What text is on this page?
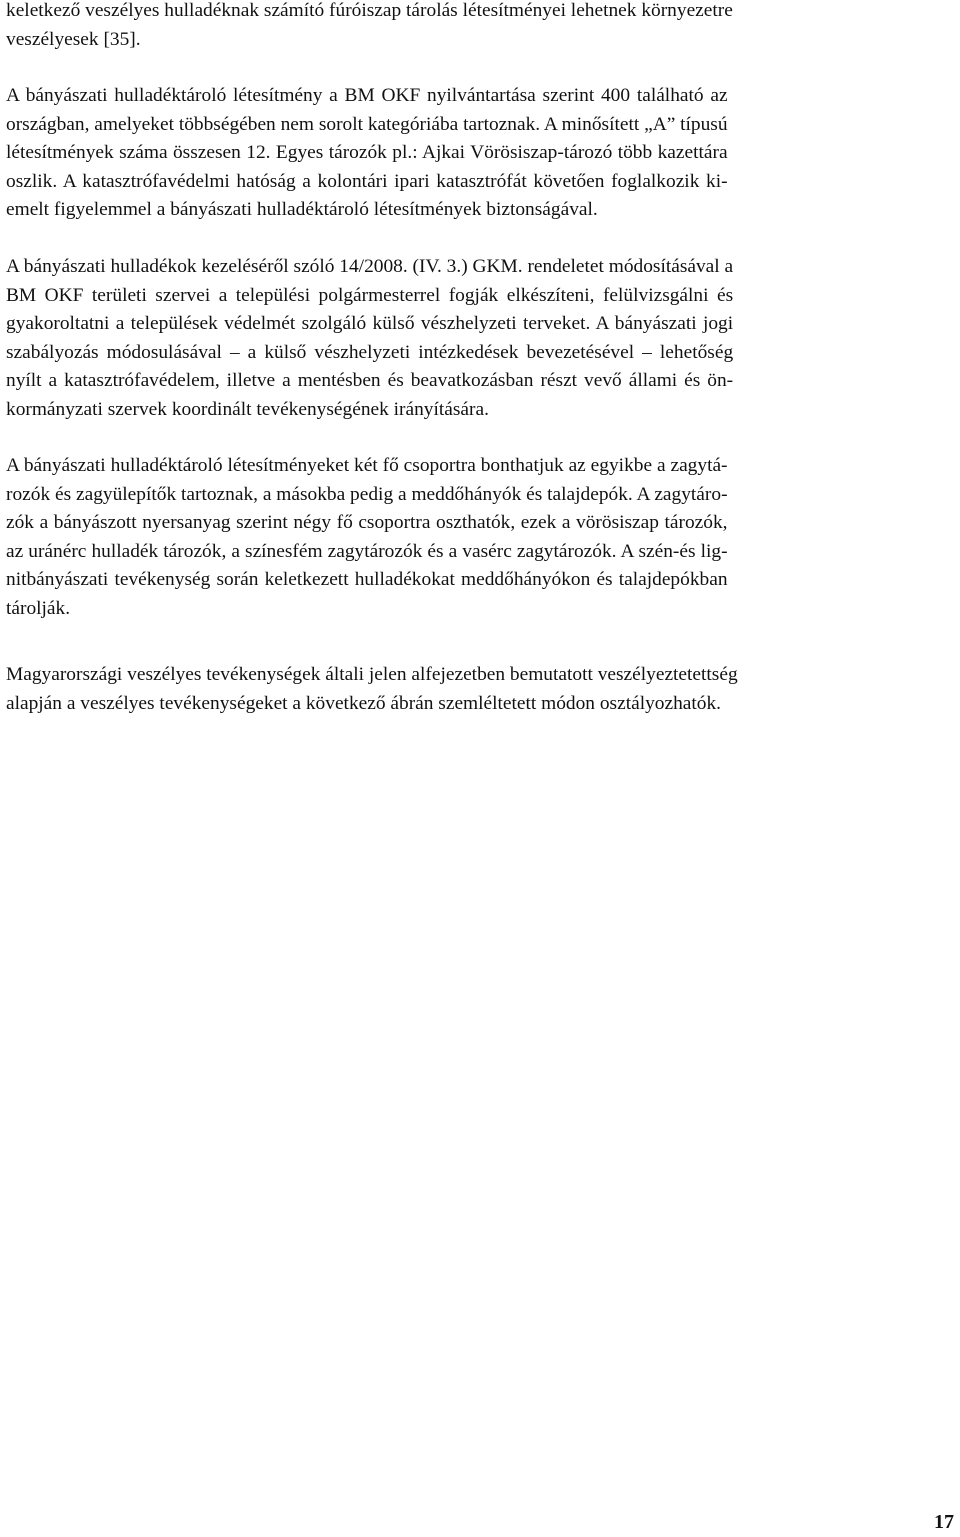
keletkező veszélyes hulladéknak számító fúróiszap tárolás létesítményei lehetnek környezetre
veszélyesek [35].
A bányászati hulladéktároló létesítmény a BM OKF nyilvántartása szerint 400 található az
országban, amelyeket többségében nem sorolt kategóriába tartoznak. A minősített „A” típusú
létesítmények száma összesen 12. Egyes tározók pl.: Ajkai Vörösiszap-tározó több kazettára
oszlik. A katasztrófavédelmi hatóság a kolontári ipari katasztrófát követően foglalkozik ki-
emelt figyelemmel a bányászati hulladéktároló létesítmények biztonságával.
A bányászati hulladékok kezeléséről szóló 14/2008. (IV. 3.) GKM. rendeletet módosításával a
BM OKF területi szervei a települési polgármesterrel fogják elkészíteni, felülvizsgálni és
gyakoroltatni a települések védelmét szolgáló külső vészhelyzeti terveket. A bányászati jogi
szabályozás módosulásával – a külső vészhelyzeti intézkedések bevezetésével – lehetőség
nyílt a katasztrófavédelem, illetve a mentésben és beavatkozásban részt vevő állami és ön-
kormányzati szervek koordinált tevékenységének irányítására.
A bányászati hulladéktároló létesítményeket két fő csoportra bonthatjuk az egyikbe a zagytá-
rozók és zagyülepítők tartoznak, a másokba pedig a meddőhányók és talajdepók. A zagytáro-
zók a bányászott nyersanyag szerint négy fő csoportra oszthatók, ezek a vörösiszap tározók,
az uránérc hulladék tározók, a színesfém zagytározók és a vasérc zagytározók. A szén-és lig-
nitbányászati tevékenység során keletkezett hulladékokat meddőhányókon és talajdepókban
tárolják.
Magyarországi veszélyes tevékenységek általi jelen alfejezetben bemutatott veszélyeztetettség
alapján a veszélyes tevékenységeket a következő ábrán szemléltetett módon osztályozhatók.
17
